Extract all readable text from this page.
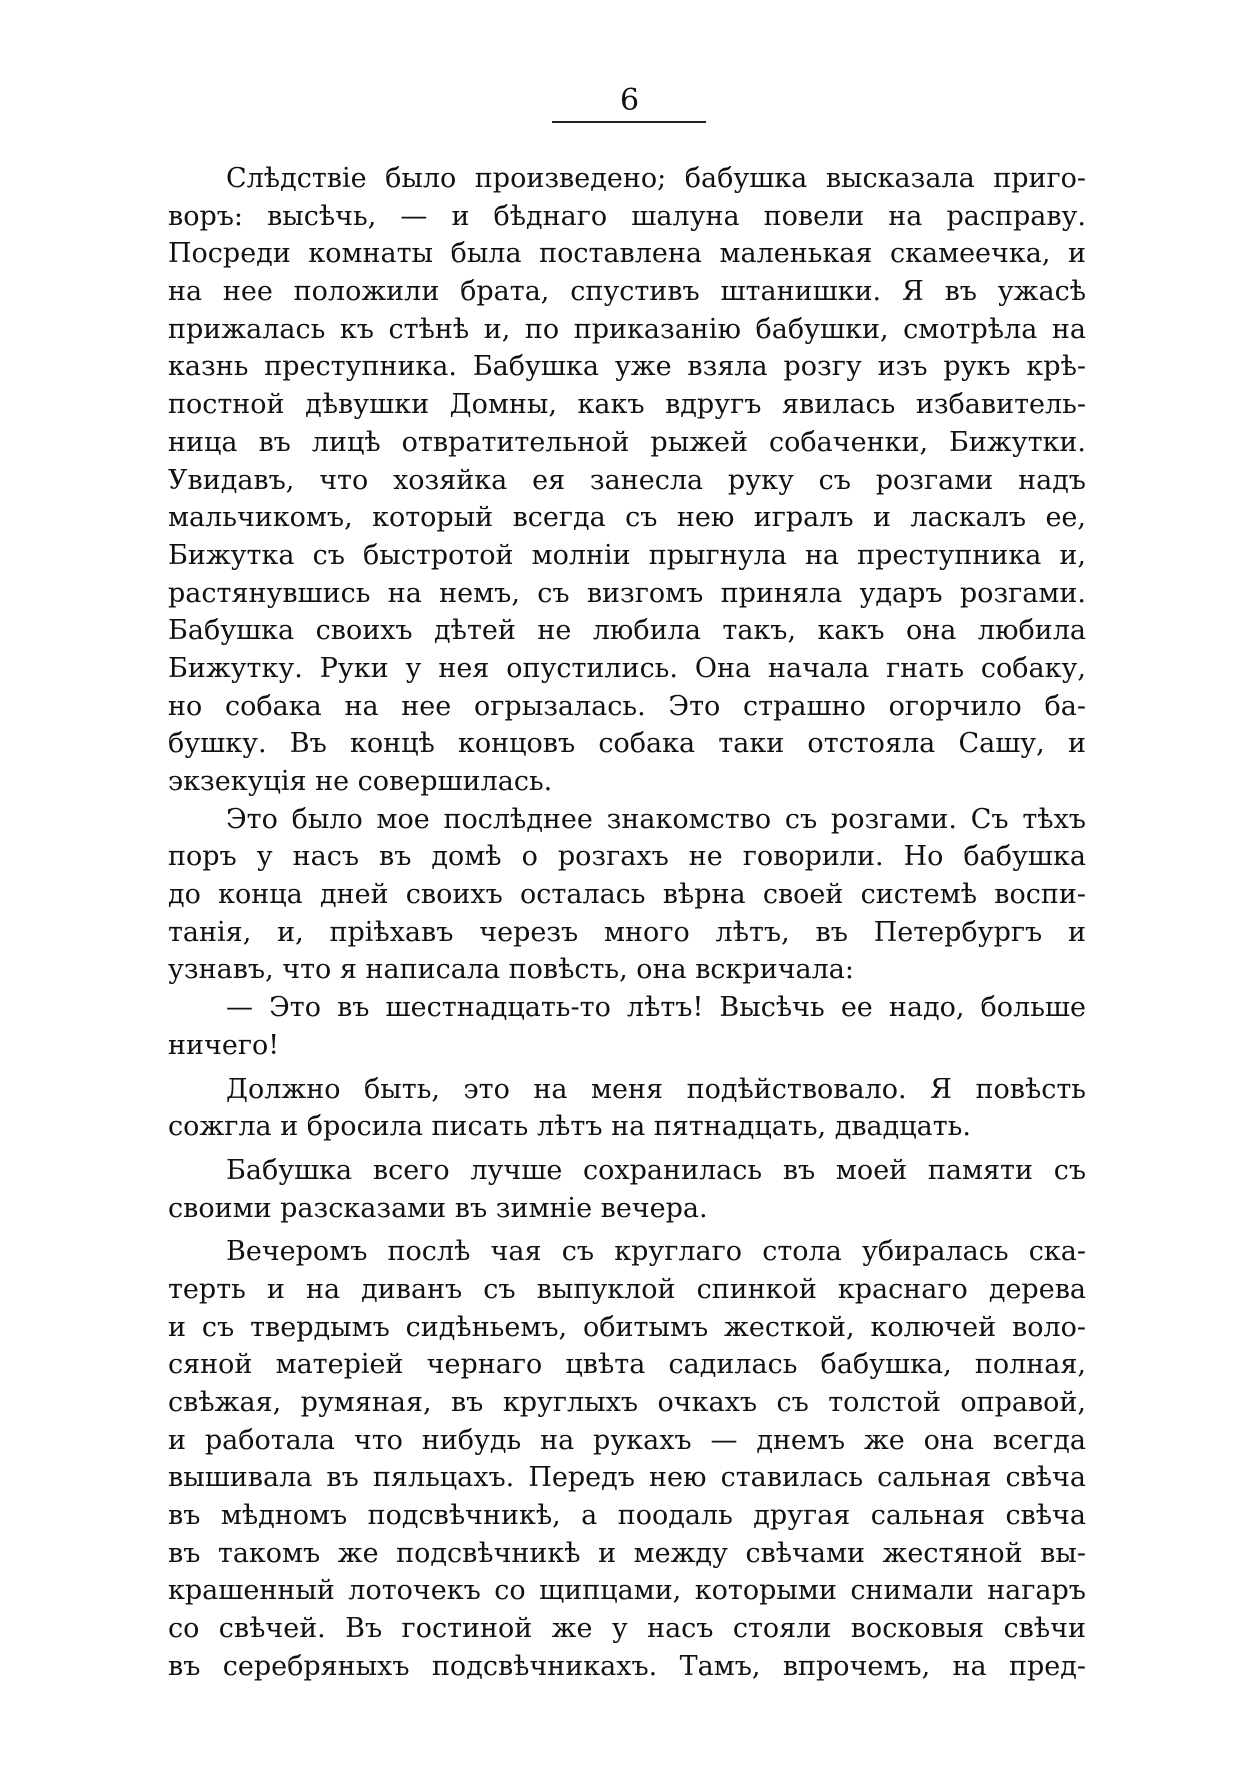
6
Слѣдствіе было произведено; бабушка высказала приго-
воръ: высѣчь, — и бѣднаго шалуна повели на расправу.
Посреди комнаты была поставлена маленькая скамеечка, и
на нее положили брата, спустивъ штанишки. Я въ ужасѣ
прижалась къ стѣнѣ и, по приказанію бабушки, смотрѣла на
казнь преступника. Бабушка уже взяла розгу изъ рукъ крѣ-
постной дѣвушки Домны, какъ вдругъ явилась избавитель-
ница въ лицѣ отвратительной рыжей собаченки, Бижутки.
Увидавъ, что хозяйка ея занесла руку съ розгами надъ
мальчикомъ, который всегда съ нею игралъ и ласкалъ ее,
Бижутка съ быстротой молніи прыгнула на преступника и,
растянувшись на немъ, съ визгомъ приняла ударъ розгами.
Бабушка своихъ дѣтей не любила такъ, какъ она любила
Бижутку. Руки у нея опустились. Она начала гнать собаку,
но собака на нее огрызалась. Это страшно огорчило ба-
бушку. Въ концѣ концовъ собака таки отстояла Сашу, и
экзекуція не совершилась.
Это было мое послѣднее знакомство съ розгами. Съ тѣхъ
поръ у насъ въ домѣ о розгахъ не говорили. Но бабушка
до конца дней своихъ осталась вѣрна своей системѣ воспи-
танія, и, пріѣхавъ черезъ много лѣтъ, въ Петербургъ и
узнавъ, что я написала повѣсть, она вскричала:
— Это въ шестнадцать-то лѣтъ! Высѣчь ее надо, больше
ничего!
Должно быть, это на меня подѣйствовало. Я повѣсть
сожгла и бросила писать лѣтъ на пятнадцать, двадцать.
Бабушка всего лучше сохранилась въ моей памяти съ
своими разсказами въ зимніе вечера.
Вечеромъ послѣ чая съ круглаго стола убиралась ска-
терть и на диванъ съ выпуклой спинкой краснаго дерева
и съ твердымъ сидѣньемъ, обитымъ жесткой, колючей воло-
сяной матеріей чернаго цвѣта садилась бабушка, полная,
свѣжая, румяная, въ круглыхъ очкахъ съ толстой оправой,
и работала что нибудь на рукахъ — днемъ же она всегда
вышивала въ пяльцахъ. Передъ нею ставилась сальная свѣча
въ мѣдномъ подсвѣчникѣ, а поодаль другая сальная свѣча
въ такомъ же подсвѣчникѣ и между свѣчами жестяной вы-
крашенный лоточекъ со щипцами, которыми снимали нагаръ
со свѣчей. Въ гостиной же у насъ стояли восковыя свѣчи
въ серебряныхъ подсвѣчникахъ. Тамъ, впрочемъ, на пред-
